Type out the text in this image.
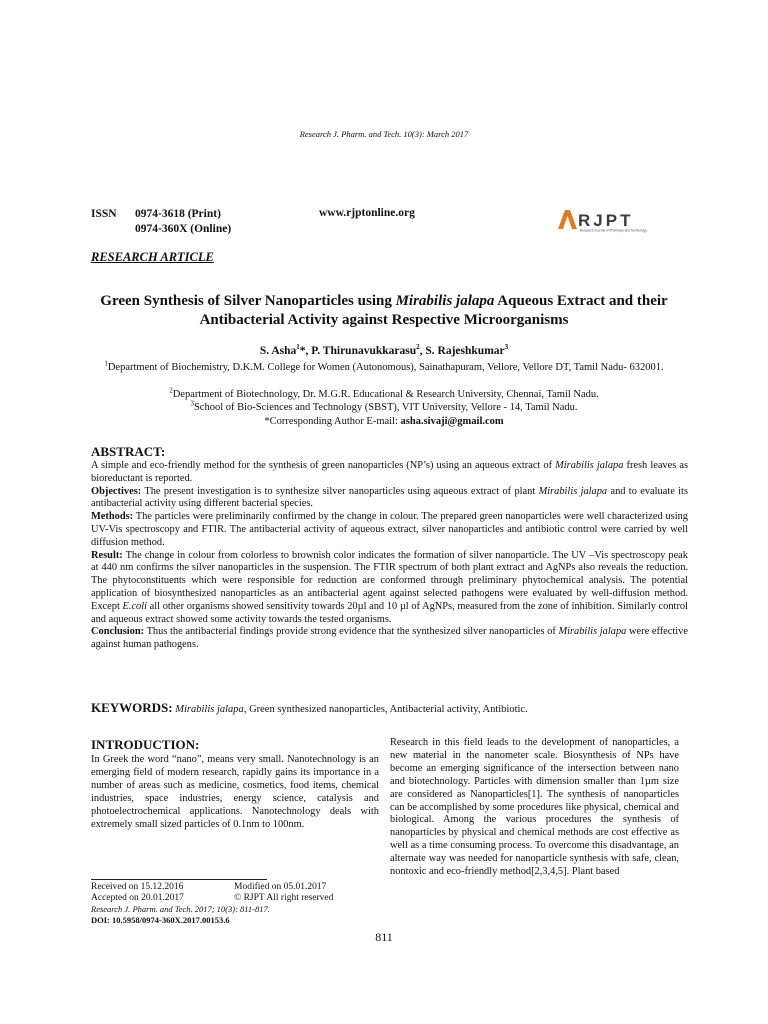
Research J. Pharm. and Tech. 10(3): March 2017
ISSN	0974-3618 (Print)
0974-360X (Online)
www.rjptonline.org	RJPT
Research Journal of Pharmacy and Technology
RESEARCH ARTICLE
Green Synthesis of Silver Nanoparticles using Mirabilis jalapa Aqueous Extract and their Antibacterial Activity against Respective Microorganisms
S. Asha$^1$*, P. Thirunavukkarasu$^2$, S. Rajeshkumar$^3$
$^1$Department of Biochemistry, D.K.M. College for Women (Autonomous), Sainathapuram, Vellore, Vellore DT, Tamil Nadu- 632001.
$^2$Department of Biotechnology, Dr. M.G.R. Educational & Research University, Chennai, Tamil Nadu.
$^3$School of Bio-Sciences and Technology (SBST), VIT University, Vellore - 14, Tamil Nadu.
*Corresponding Author E-mail: asha.sivaji@gmail.com
ABSTRACT:

A simple and eco-friendly method for the synthesis of green nanoparticles (NP’s) using an aqueous extract of Mirabilis jalapa fresh leaves as bioreductant is reported.

Objectives: The present investigation is to synthesize silver nanoparticles using aqueous extract of plant Mirabilis jalapa and to evaluate its antibacterial activity using different bacterial species.

Methods: The particles were preliminarily confirmed by the change in colour. The prepared green nanoparticles were well characterized using UV-Vis spectroscopy and FTIR. The antibacterial activity of aqueous extract, silver nanoparticles and antibiotic control were carried by well diffusion method.

Result: The change in colour from colorless to brownish color indicates the formation of silver nanoparticle. The UV –Vis spectroscopy peak at 440 nm confirms the silver nanoparticles in the suspension. The FTIR spectrum of both plant extract and AgNPs also reveals the reduction. The phytoconstituents which were responsible for reduction are conformed through preliminary phytochemical analysis. The potential application of biosynthesized nanoparticles as an antibacterial agent against selected pathogens were evaluated by well-diffusion method. Except E.coli all other organisms showed sensitivity towards 20µl and 10 µl of AgNPs, measured from the zone of inhibition. Similarly control and aqueous extract showed some activity towards the tested organisms.

Conclusion: Thus the antibacterial findings provide strong evidence that the synthesized silver nanoparticles of Mirabilis jalapa were effective against human pathogens.

KEYWORDS: Mirabilis jalapa, Green synthesized nanoparticles, Antibacterial activity, Antibiotic.
INTRODUCTION:

In Greek the word “nano”, means very small. Nanotechnology is an emerging field of modern research, rapidly gains its importance in a number of areas such as medicine, cosmetics, food items, chemical industries, space industries, energy science, catalysis and photoelectrochemical applications. Nanotechnology deals with extremely small sized particles of 0.1nm to 100nm.

Research in this field leads to the development of nanoparticles, a new material in the nanometer scale. Biosynthesis of NPs have become an emerging significance of the intersection between nano and biotechnology. Particles with dimension smaller than 1µm size are considered as Nanoparticles[1]. The synthesis of nanoparticles can be accomplished by some procedures like physical, chemical and biological. Among the various procedures the synthesis of nanoparticles by physical and chemical methods are cost effective as well as a time consuming process. To overcome this disadvantage, an alternate way was needed for nanoparticle synthesis with safe, clean, nontoxic and eco-friendly method[2,3,4,5]. Plant based

Received on 15.12.2016	Modified on 05.01.2017
Accepted on 20.01.2017	© RJPT All right reserved
Research J. Pharm. and Tech. 2017; 10(3): 811-817.
DOI: 10.5958/0974-360X.2017.00153.6
811
